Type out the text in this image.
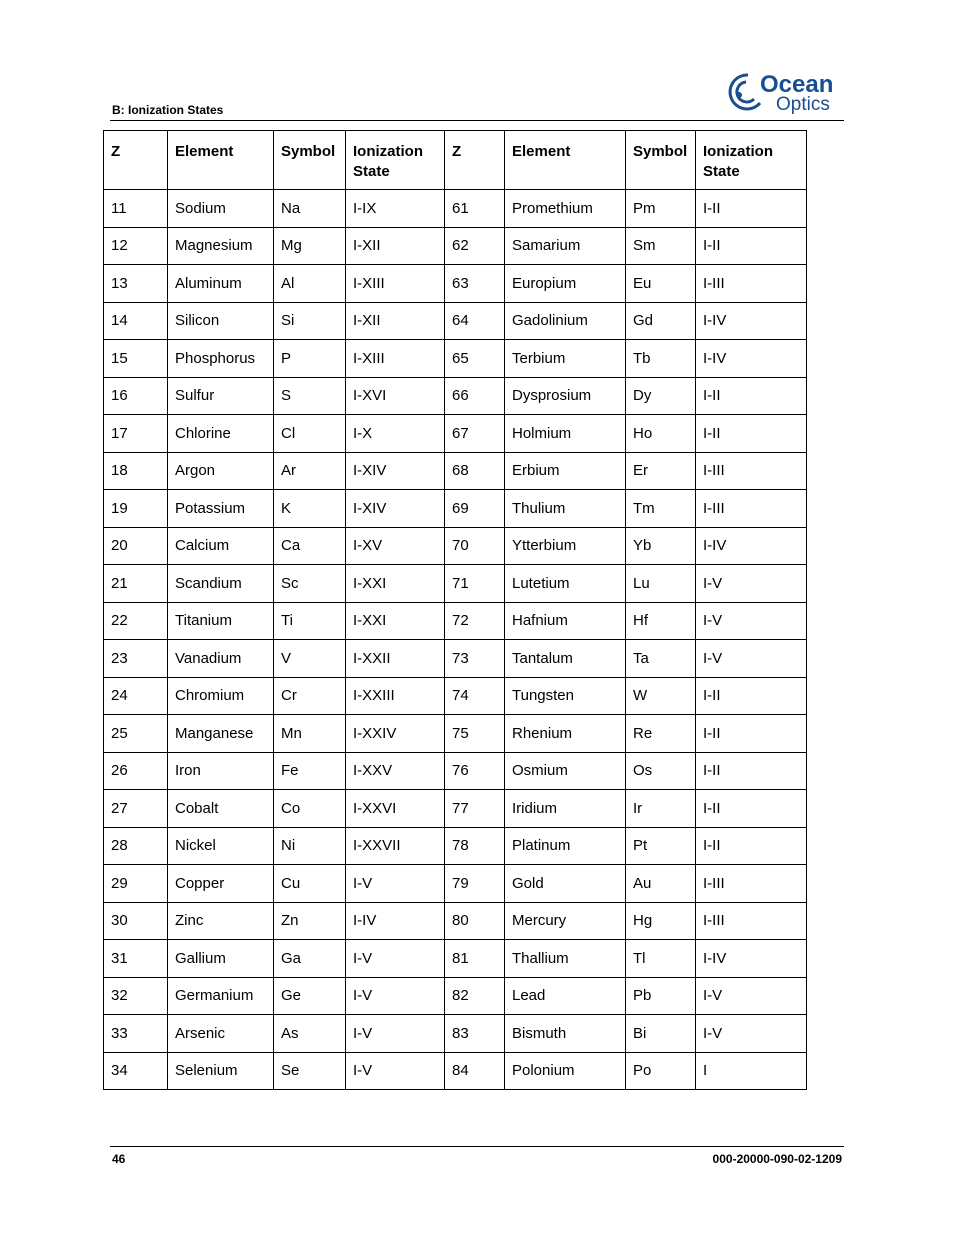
B: Ionization States
Ocean
Optics
Z	Element	Symbol	Ionization State	Z	Element	Symbol	Ionization State
11	Sodium	Na	I-IX	61	Promethium	Pm	I-II
12	Magnesium	Mg	I-XII	62	Samarium	Sm	I-II
13	Aluminum	Al	I-XIII	63	Europium	Eu	I-III
14	Silicon	Si	I-XII	64	Gadolinium	Gd	I-IV
15	Phosphorus	P	I-XIII	65	Terbium	Tb	I-IV
16	Sulfur	S	I-XVI	66	Dysprosium	Dy	I-II
17	Chlorine	Cl	I-X	67	Holmium	Ho	I-II
18	Argon	Ar	I-XIV	68	Erbium	Er	I-III
19	Potassium	K	I-XIV	69	Thulium	Tm	I-III
20	Calcium	Ca	I-XV	70	Ytterbium	Yb	I-IV
21	Scandium	Sc	I-XXI	71	Lutetium	Lu	I-V
22	Titanium	Ti	I-XXI	72	Hafnium	Hf	I-V
23	Vanadium	V	I-XXII	73	Tantalum	Ta	I-V
24	Chromium	Cr	I-XXIII	74	Tungsten	W	I-II
25	Manganese	Mn	I-XXIV	75	Rhenium	Re	I-II
26	Iron	Fe	I-XXV	76	Osmium	Os	I-II
27	Cobalt	Co	I-XXVI	77	Iridium	Ir	I-II
28	Nickel	Ni	I-XXVII	78	Platinum	Pt	I-II
29	Copper	Cu	I-V	79	Gold	Au	I-III
30	Zinc	Zn	I-IV	80	Mercury	Hg	I-III
31	Gallium	Ga	I-V	81	Thallium	Tl	I-IV
32	Germanium	Ge	I-V	82	Lead	Pb	I-V
33	Arsenic	As	I-V	83	Bismuth	Bi	I-V
34	Selenium	Se	I-V	84	Polonium	Po	I
46	000-20000-090-02-1209
